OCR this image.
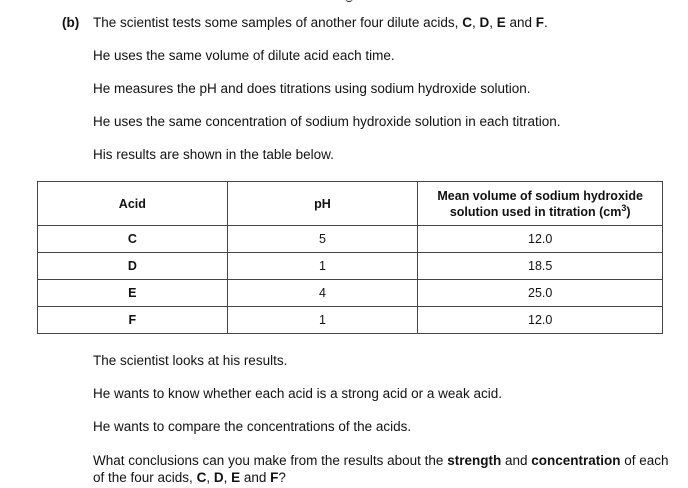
(b) The scientist tests some samples of another four dilute acids, C, D, E and F.
He uses the same volume of dilute acid each time.
He measures the pH and does titrations using sodium hydroxide solution.
He uses the same concentration of sodium hydroxide solution in each titration.
His results are shown in the table below.
Acid	pH	Mean volume of sodium hydroxide
solution used in titration $(cm^3)$
C	5	12.0
D	1	18.5
E	4	25.0
F	1	12.0
The scientist looks at his results.
He wants to know whether each acid is a strong acid or a weak acid.
He wants to compare the concentrations of the acids.
What conclusions can you make from the results about the strength and concentration of each of the four acids, C, D, E and F?
